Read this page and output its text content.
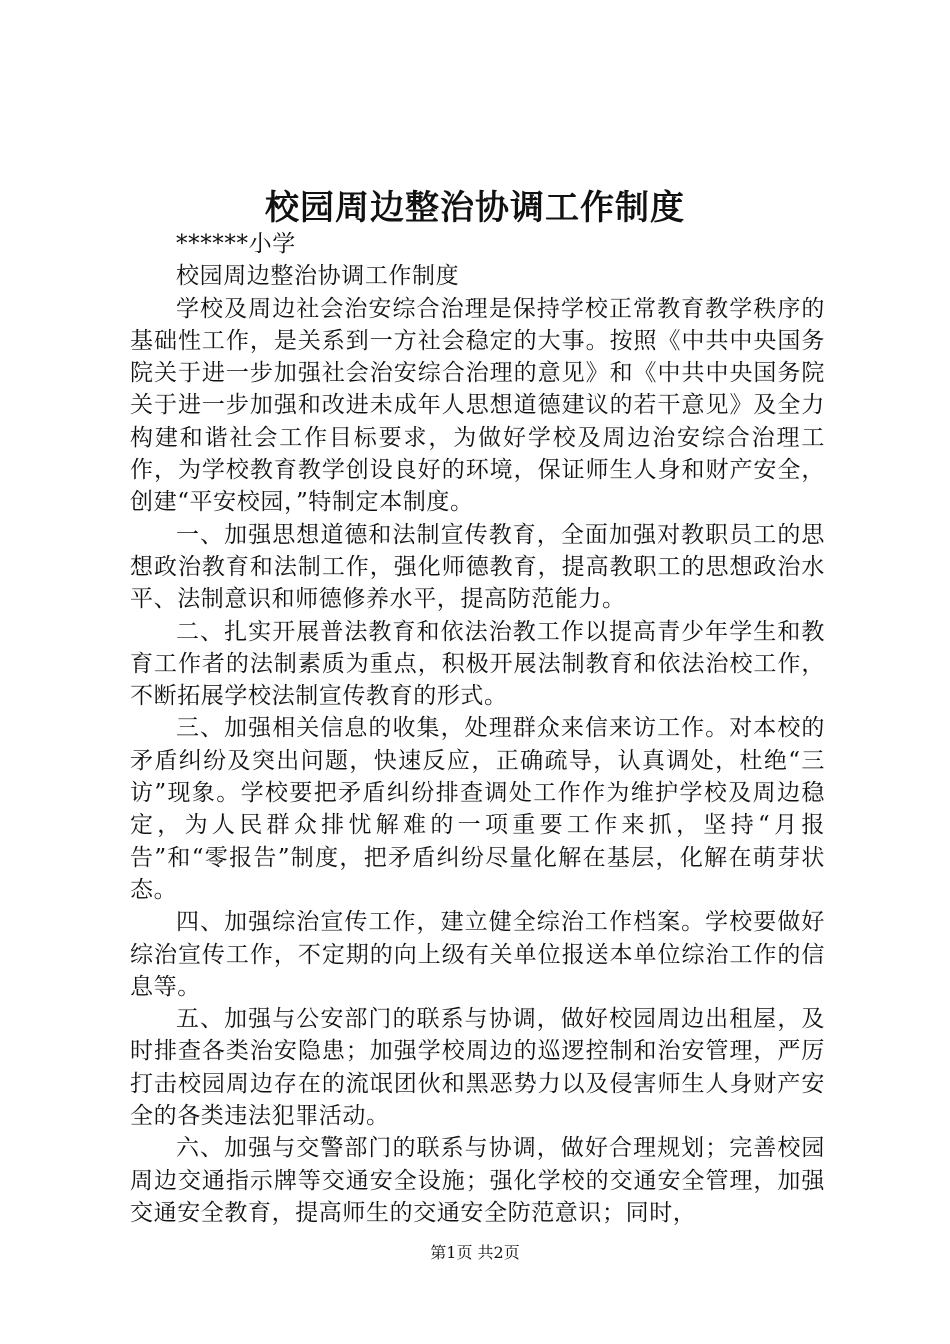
校园周边整治协调工作制度

******小学

校园周边整治协调工作制度

学校及周边社会治安综合治理是保持学校正常教育教学秩序的基础性工作，是关系到一方社会稳定的大事。按照《中共中央国务院关于进一步加强社会治安综合治理的意见》和《中共中央国务院关于进一步加强和改进未成年人思想道德建议的若干意见》及全力构建和谐社会工作目标要求，为做好学校及周边治安综合治理工作，为学校教育教学创设良好的环境，保证师生人身和财产安全，创建“平安校园，”特制定本制度。

一、加强思想道德和法制宣传教育，全面加强对教职员工的思想政治教育和法制工作，强化师德教育，提高教职工的思想政治水平、法制意识和师德修养水平，提高防范能力。

二、扎实开展普法教育和依法治教工作以提高青少年学生和教育工作者的法制素质为重点，积极开展法制教育和依法治校工作，不断拓展学校法制宣传教育的形式。

三、加强相关信息的收集，处理群众来信来访工作。对本校的矛盾纠纷及突出问题，快速反应，正确疏导，认真调处，杜绝“三访”现象。学校要把矛盾纠纷排查调处工作作为维护学校及周边稳定，为人民群众排忧解难的一项重要工作来抓，坚持“月报告”和“零报告”制度，把矛盾纠纷尽量化解在基层，化解在萌芽状态。

四、加强综治宣传工作，建立健全综治工作档案。学校要做好综治宣传工作，不定期的向上级有关单位报送本单位综治工作的信息等。

五、加强与公安部门的联系与协调，做好校园周边出租屋，及时排查各类治安隐患；加强学校周边的巡逻控制和治安管理，严厉打击校园周边存在的流氓团伙和黑恶势力以及侵害师生人身财产安全的各类违法犯罪活动。

六、加强与交警部门的联系与协调，做好合理规划；完善校园周边交通指示牌等交通安全设施；强化学校的交通安全管理，加强交通安全教育，提高师生的交通安全防范意识；同时，

第1页 共2页
